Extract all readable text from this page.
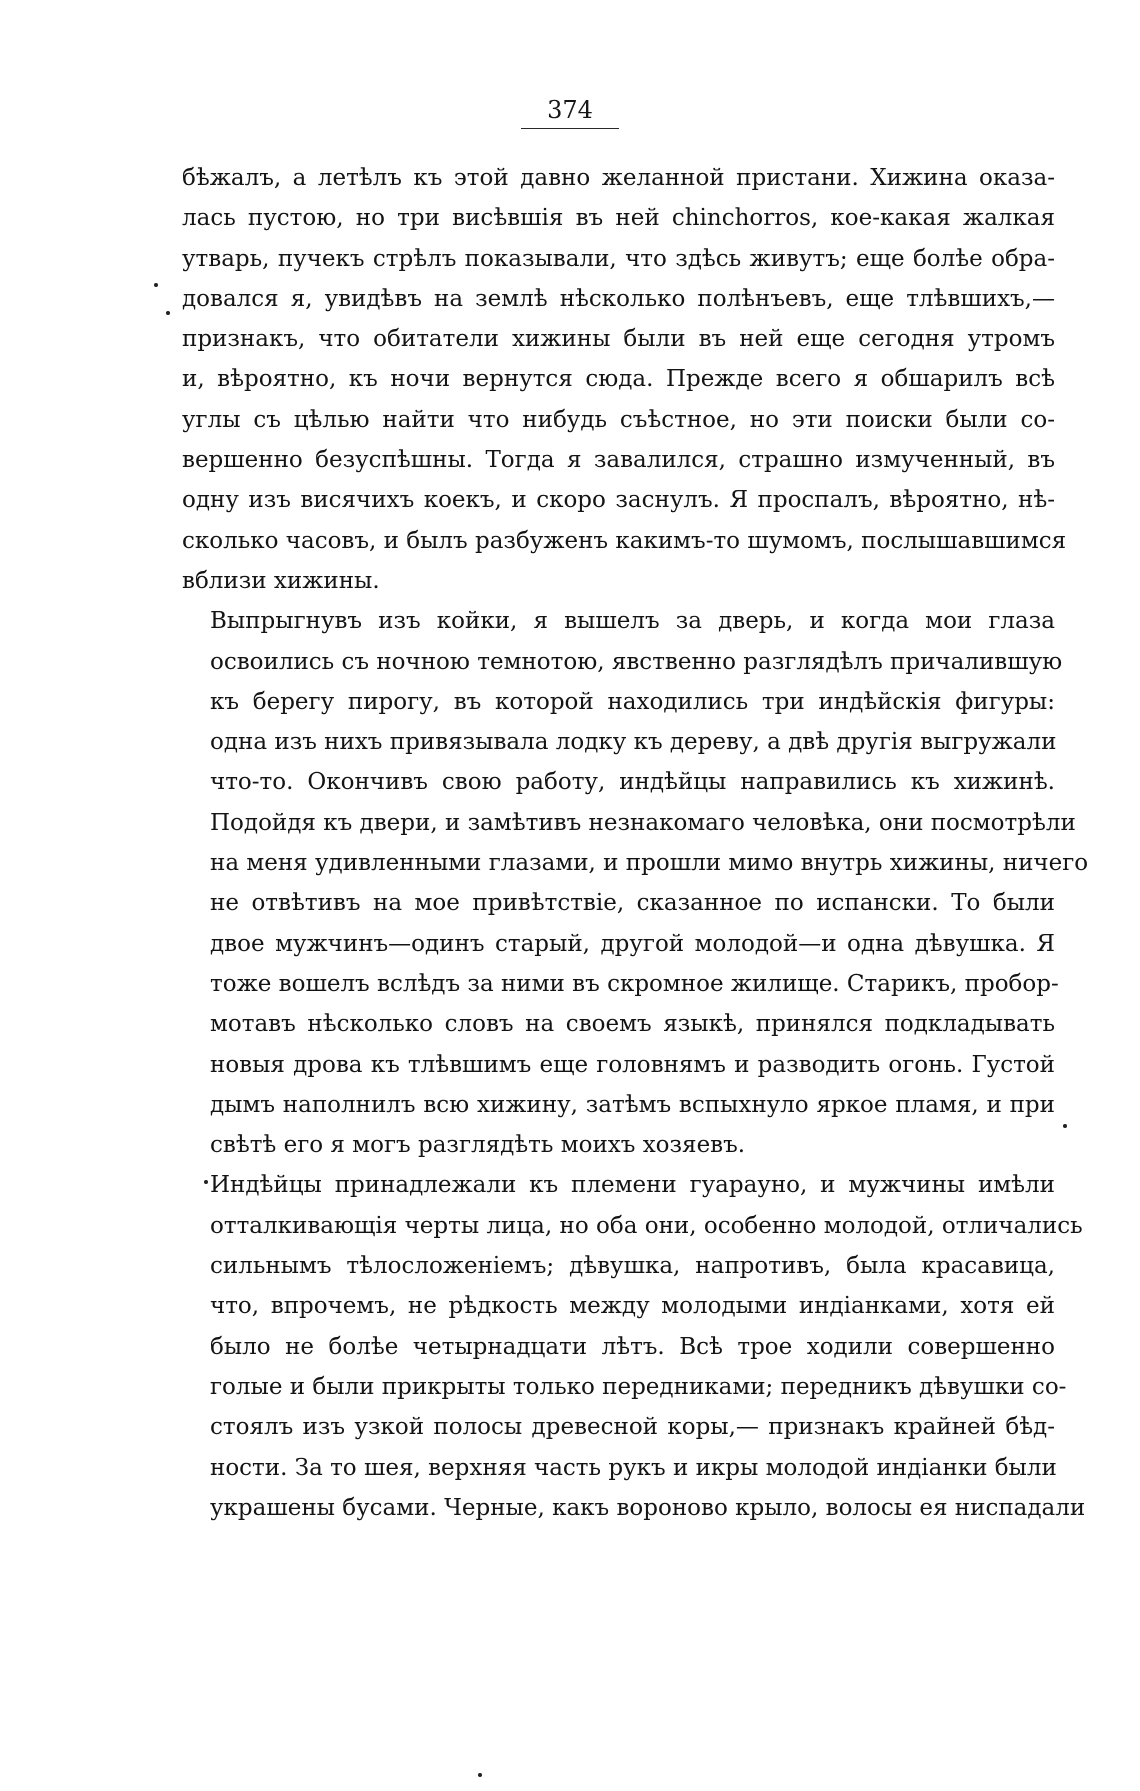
374

бѣжалъ, а летѣлъ къ этой давно желанной пристани. Хижина оказа-
лась пустою, но три висѣвшія въ ней chinchorros, кое-какая жалкая
утварь, пучекъ стрѣлъ показывали, что здѣсь живутъ; еще болѣе обра-
довался я, увидѣвъ на землѣ нѣсколько полѣнъевъ, еще тлѣвшихъ,—
признакъ, что обитатели хижины были въ ней еще сегодня утромъ
и, вѣроятно, къ ночи вернутся сюда. Прежде всего я обшарилъ всѣ
углы съ цѣлью найти что нибудь съѣстное, но эти поиски были со-
вершенно безуспѣшны. Тогда я завалился, страшно измученный, въ
одну изъ висячихъ коекъ, и скоро заснулъ. Я проспалъ, вѣроятно, нѣ-
сколько часовъ, и былъ разбуженъ какимъ-то шумомъ, послышавшимся
вблизи хижины.

Выпрыгнувъ изъ койки, я вышелъ за дверь, и когда мои глаза
освоились съ ночною темнотою, явственно разглядѣлъ причалившую
къ берегу пирогу, въ которой находились три индѣйскія фигуры:
одна изъ нихъ привязывала лодку къ дереву, а двѣ другія выгружали
что-то. Окончивъ свою работу, индѣйцы направились къ хижинѣ.
Подойдя къ двери, и замѣтивъ незнакомаго человѣка, они посмотрѣли
на меня удивленными глазами, и прошли мимо внутрь хижины, ничего
не отвѣтивъ на мое привѣтствіе, сказанное по испански. То были
двое мужчинъ—одинъ старый, другой молодой—и одна дѣвушка. Я
тоже вошелъ вслѣдъ за ними въ скромное жилище. Старикъ, пробор-
мотавъ нѣсколько словъ на своемъ языкѣ, принялся подкладывать
новыя дрова къ тлѣвшимъ еще головнямъ и разводить огонь. Густой
дымъ наполнилъ всю хижину, затѣмъ вспыхнуло яркое пламя, и при
свѣтѣ его я могъ разглядѣть моихъ хозяевъ.

Индѣйцы принадлежали къ племени гуарауно, и мужчины имѣли
отталкивающія черты лица, но оба они, особенно молодой, отличались
сильнымъ тѣлосложеніемъ; дѣвушка, напротивъ, была красавица,
что, впрочемъ, не рѣдкость между молодыми индіанками, хотя ей
было не болѣе четырнадцати лѣтъ. Всѣ трое ходили совершенно
голые и были прикрыты только передниками; передникъ дѣвушки со-
стоялъ изъ узкой полосы древесной коры,— признакъ крайней бѣд-
ности. За то шея, верхняя часть рукъ и икры молодой индіанки были
украшены бусами. Черные, какъ вороново крыло, волосы ея ниспадали
